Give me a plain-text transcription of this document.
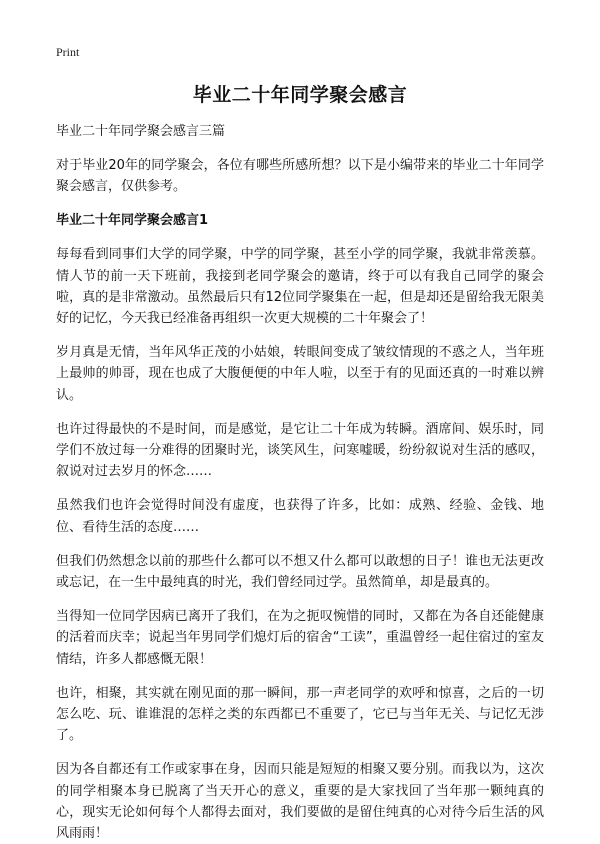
Print
毕业二十年同学聚会感言

毕业二十年同学聚会感言三篇

对于毕业20年的同学聚会，各位有哪些所感所想？以下是小编带来的毕业二十年同学聚会感言，仅供参考。

毕业二十年同学聚会感言1

每每看到同事们大学的同学聚，中学的同学聚，甚至小学的同学聚，我就非常羡慕。情人节的前一天下班前，我接到老同学聚会的邀请，终于可以有我自己同学的聚会啦，真的是非常激动。虽然最后只有12位同学聚集在一起，但是却还是留给我无限美好的记忆，今天我已经准备再组织一次更大规模的二十年聚会了！

岁月真是无情，当年风华正茂的小姑娘，转眼间变成了皱纹情现的不惑之人，当年班上最帅的帅哥，现在也成了大腹便便的中年人啦，以至于有的见面还真的一时难以辨认。

也许过得最快的不是时间，而是感觉，是它让二十年成为转瞬。酒席间、娱乐时，同学们不放过每一分难得的团聚时光，谈笑风生，问寒嘘暖，纷纷叙说对生活的感叹，叙说对过去岁月的怀念……

虽然我们也许会觉得时间没有虚度，也获得了许多，比如：成熟、经验、金钱、地位、看待生活的态度……

但我们仍然想念以前的那些什么都可以不想又什么都可以敢想的日子！谁也无法更改或忘记，在一生中最纯真的时光，我们曾经同过学。虽然简单，却是最真的。

当得知一位同学因病已离开了我们，在为之扼叹惋惜的同时，又都在为各自还能健康的活着而庆幸；说起当年男同学们熄灯后的宿舍“工读”，重温曾经一起住宿过的室友情结，许多人都感慨无限！

也许，相聚，其实就在刚见面的那一瞬间，那一声老同学的欢呼和惊喜，之后的一切怎么吃、玩、谁谁混的怎样之类的东西都已不重要了，它已与当年无关、与记忆无涉了。

因为各自都还有工作或家事在身，因而只能是短短的相聚又要分别。而我以为，这次的同学相聚本身已脱离了当天开心的意义，重要的是大家找回了当年那一颗纯真的心，现实无论如何每个人都得去面对，我们要做的是留住纯真的心对待今后生活的风风雨雨！
